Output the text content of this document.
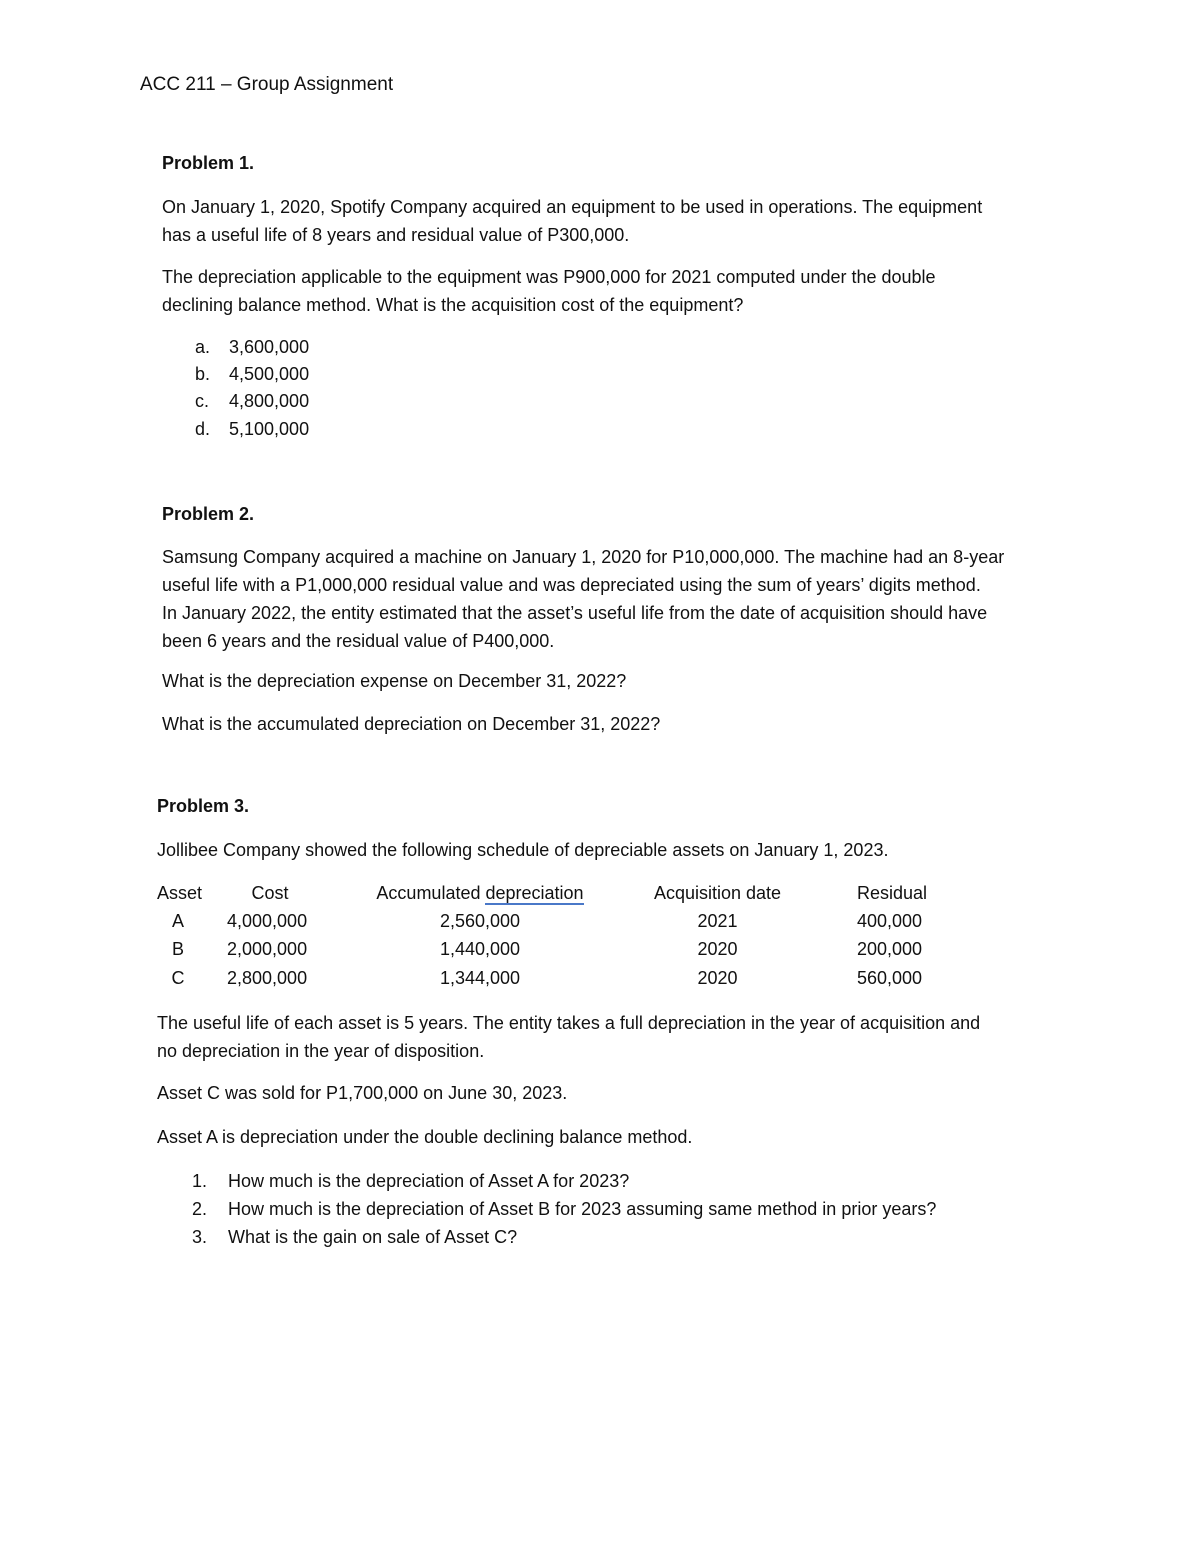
ACC 211 – Group Assignment
Problem 1.
On January 1, 2020, Spotify Company acquired an equipment to be used in operations. The equipment
has a useful life of 8 years and residual value of P300,000.
The depreciation applicable to the equipment was P900,000 for 2021 computed under the double
declining balance method. What is the acquisition cost of the equipment?
a. 3,600,000
b. 4,500,000
c. 4,800,000
d. 5,100,000
Problem 2.
Samsung Company acquired a machine on January 1, 2020 for P10,000,000. The machine had an 8-year
useful life with a P1,000,000 residual value and was depreciated using the sum of years’ digits method.
In January 2022, the entity estimated that the asset’s useful life from the date of acquisition should have
been 6 years and the residual value of P400,000.
What is the depreciation expense on December 31, 2022?
What is the accumulated depreciation on December 31, 2022?
Problem 3.
Jollibee Company showed the following schedule of depreciable assets on January 1, 2023.
Asset	Cost	Accumulated depreciation	Acquisition date	Residual
A	4,000,000	2,560,000	2021	400,000
B	2,000,000	1,440,000	2020	200,000
C	2,800,000	1,344,000	2020	560,000
The useful life of each asset is 5 years. The entity takes a full depreciation in the year of acquisition and
no depreciation in the year of disposition.
Asset C was sold for P1,700,000 on June 30, 2023.
Asset A is depreciation under the double declining balance method.
1. How much is the depreciation of Asset A for 2023?
2. How much is the depreciation of Asset B for 2023 assuming same method in prior years?
3. What is the gain on sale of Asset C?
